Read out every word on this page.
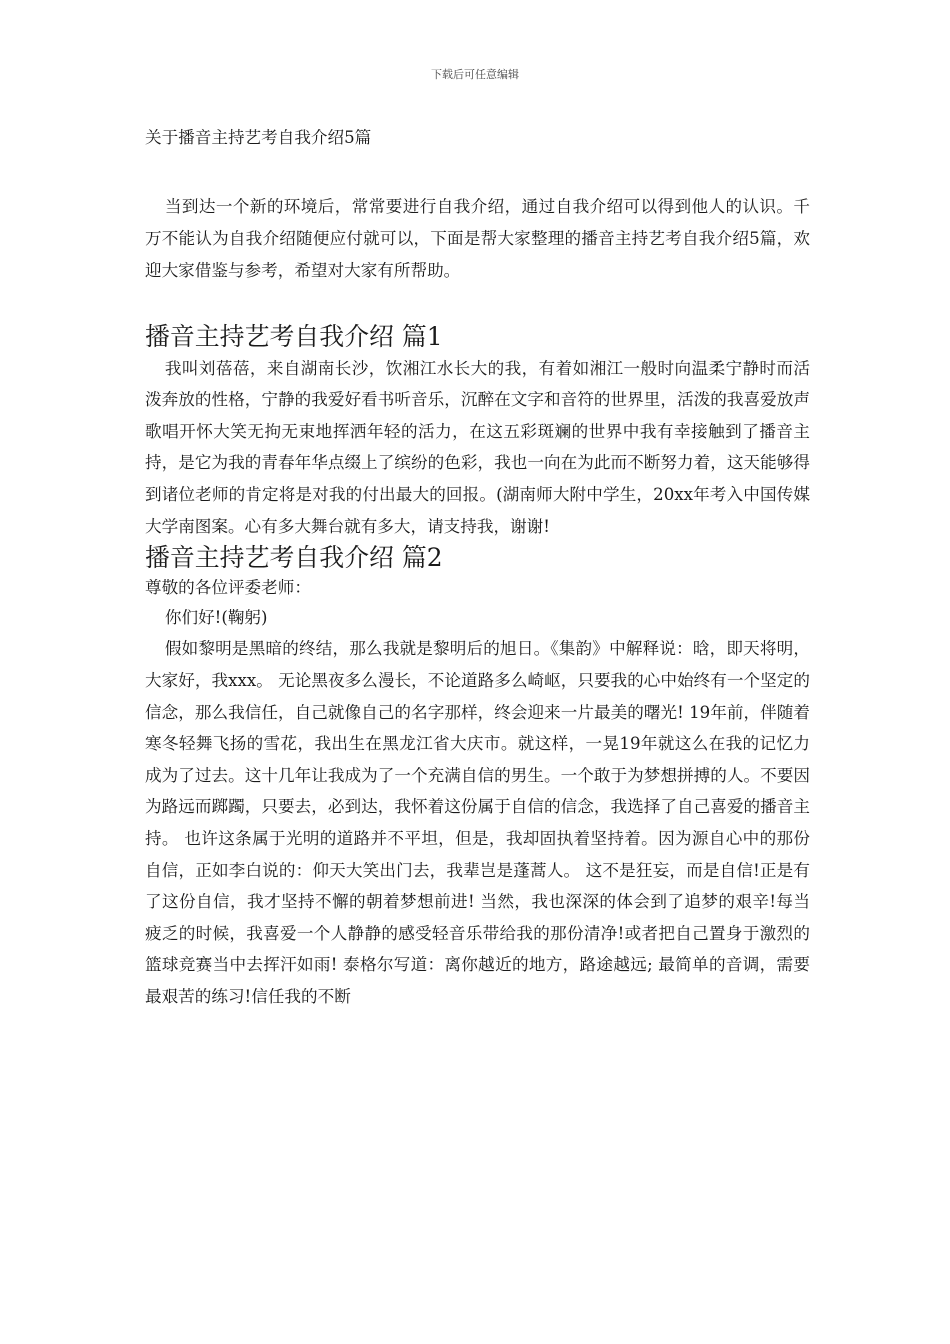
下载后可任意编辑
关于播音主持艺考自我介绍5篇

当到达一个新的环境后，常常要进行自我介绍，通过自我介绍可以得到他人的认识。千万不能认为自我介绍随便应付就可以，下面是帮大家整理的播音主持艺考自我介绍5篇，欢迎大家借鉴与参考，希望对大家有所帮助。

播音主持艺考自我介绍 篇1

我叫刘蓓蓓，来自湖南长沙，饮湘江水长大的我，有着如湘江一般时向温柔宁静时而活泼奔放的性格，宁静的我爱好看书听音乐，沉醉在文字和音符的世界里，活泼的我喜爱放声歌唱开怀大笑无拘无束地挥洒年轻的活力，在这五彩斑斓的世界中我有幸接触到了播音主持，是它为我的青春年华点缀上了缤纷的色彩，我也一向在为此而不断努力着，这天能够得到诸位老师的肯定将是对我的付出最大的回报。(湖南师大附中学生，20xx年考入中国传媒大学南图案。心有多大舞台就有多大，请支持我，谢谢!

播音主持艺考自我介绍 篇2

尊敬的各位评委老师：

你们好!(鞠躬)

假如黎明是黑暗的终结，那么我就是黎明后的旭日。《集韵》中解释说：晗，即天将明，大家好，我xxx。 无论黑夜多么漫长，不论道路多么崎岖，只要我的心中始终有一个坚定的信念，那么我信任，自己就像自己的名字那样，终会迎来一片最美的曙光! 19年前，伴随着寒冬轻舞飞扬的雪花，我出生在黑龙江省大庆市。就这样，一晃19年就这么在我的记忆力成为了过去。这十几年让我成为了一个充满自信的男生。一个敢于为梦想拼搏的人。不要因为路远而踯躅，只要去，必到达，我怀着这份属于自信的信念，我选择了自己喜爱的播音主持。 也许这条属于光明的道路并不平坦，但是，我却固执着坚持着。因为源自心中的那份自信，正如李白说的：仰天大笑出门去，我辈岂是蓬蒿人。 这不是狂妄，而是自信!正是有了这份自信，我才坚持不懈的朝着梦想前进! 当然，我也深深的体会到了追梦的艰辛!每当疲乏的时候，我喜爱一个人静静的感受轻音乐带给我的那份清净!或者把自己置身于激烈的篮球竞赛当中去挥汗如雨! 泰格尔写道：离你越近的地方，路途越远; 最简单的音调，需要最艰苦的练习!信任我的不断
